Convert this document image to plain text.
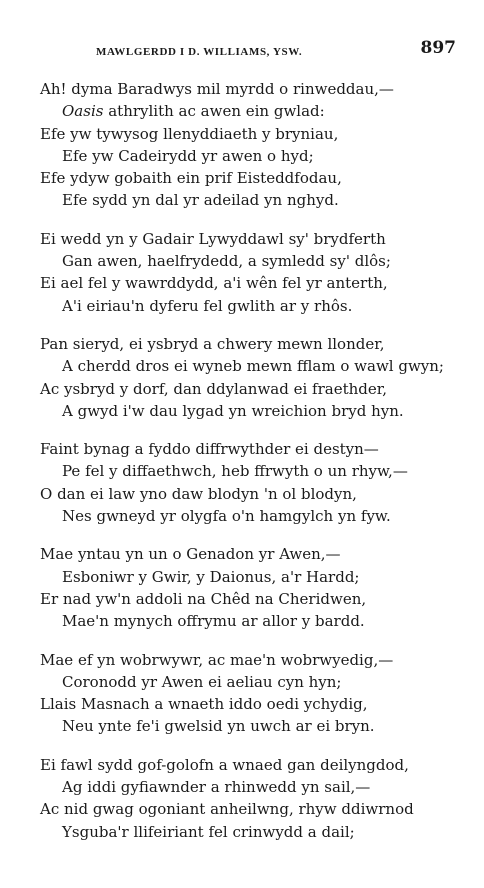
MAWLGERDD I D. WILLIAMS, YSW.	897
Ah! dyma Baradwys mil myrdd o rinweddau,—
Oasis athrylith ac awen ein gwlad:
Efe yw tywysog llenyddiaeth y bryniau,
Efe yw Cadeirydd yr awen o hyd;
Efe ydyw gobaith ein prif Eisteddfodau,
Efe sydd yn dal yr adeilad yn nghyd.
Ei wedd yn y Gadair Lywyddawl sy' brydferth
Gan awen, haelfrydedd, a symledd sy' dlôs;
Ei ael fel y wawrddydd, a'i wên fel yr anterth,
A'i eiriau'n dyferu fel gwlith ar y rhôs.
Pan sieryd, ei ysbryd a chwery mewn llonder,
A cherdd dros ei wyneb mewn fflam o wawl gwyn;
Ac ysbryd y dorf, dan ddylanwad ei fraethder,
A gwyd i'w dau lygad yn wreichion bryd hyn.
Faint bynag a fyddo diffrwythder ei destyn—
Pe fel y diffaethwch, heb ffrwyth o un rhyw,—
O dan ei law yno daw blodyn 'n ol blodyn,
Nes gwneyd yr olygfa o'n hamgylch yn fyw.
Mae yntau yn un o Genadon yr Awen,—
Esboniwr y Gwir, y Daionus, a'r Hardd;
Er nad yw'n addoli na Chêd na Cheridwen,
Mae'n mynych offrymu ar allor y bardd.
Mae ef yn wobrwywr, ac mae'n wobrwyedig,—
Coronodd yr Awen ei aeliau cyn hyn;
Llais Masnach a wnaeth iddo oedi ychydig,
Neu ynte fe'i gwelsid yn uwch ar ei bryn.
Ei fawl sydd gof-golofn a wnaed gan deilyngdod,
Ag iddi gyfiawnder a rhinwedd yn sail,—
Ac nid gwag ogoniant anheilwng, rhyw ddiwrnod
Ysguba'r llifeiriant fel crinwydd a dail;
